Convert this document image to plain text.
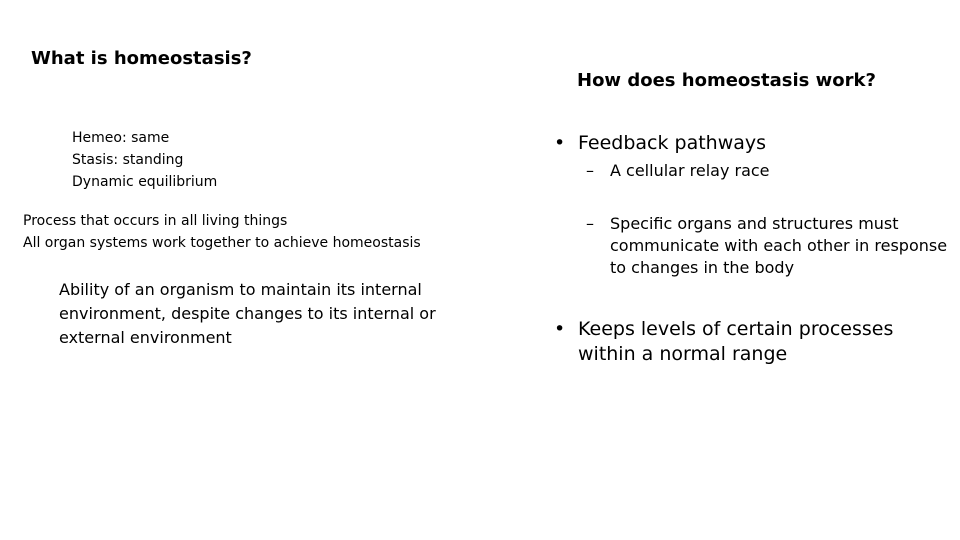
What is homeostasis?
Hemeo: same
Stasis: standing
Dynamic equilibrium
Process that occurs in all living things
All organ systems work together to achieve homeostasis
Ability of an organism to maintain its internal
environment, despite changes to its internal or
external environment
How does homeostasis work?
• Feedback pathways
–	A cellular relay race
–	Specific organs and structures must
communicate with each other in response
to changes in the body
• Keeps levels of certain processes
within a normal range
